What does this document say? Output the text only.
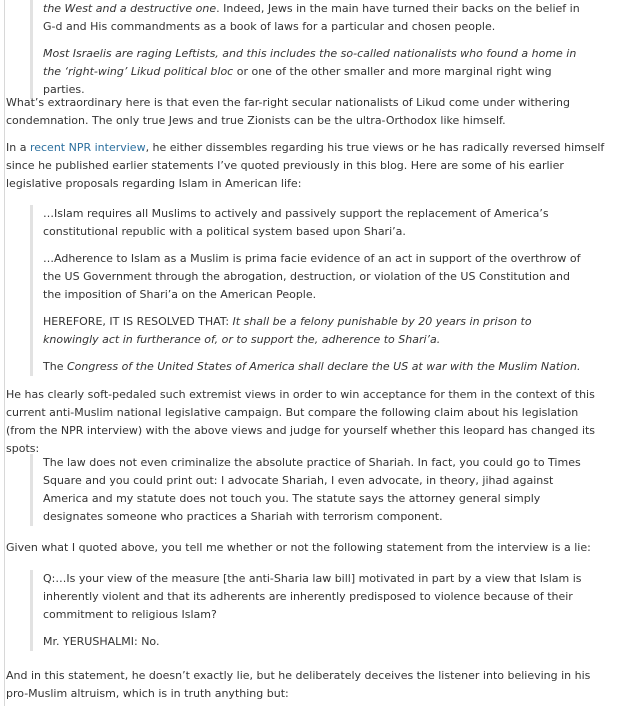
the West and a destructive one. Indeed, Jews in the main have turned their backs on the belief in G-d and His commandments as a book of laws for a particular and chosen people.

Most Israelis are raging Leftists, and this includes the so-called nationalists who found a home in the ‘right-wing’ Likud political bloc or one of the other smaller and more marginal right wing parties.

What’s extraordinary here is that even the far-right secular nationalists of Likud come under withering condemnation. The only true Jews and true Zionists can be the ultra-Orthodox like himself.

In a recent NPR interview, he either dissembles regarding his true views or he has radically reversed himself since he published earlier statements I’ve quoted previously in this blog. Here are some of his earlier legislative proposals regarding Islam in American life:

…Islam requires all Muslims to actively and passively support the replacement of America’s constitutional republic with a political system based upon Shari’a.

…Adherence to Islam as a Muslim is prima facie evidence of an act in support of the overthrow of the US Government through the abrogation, destruction, or violation of the US Constitution and the imposition of Shari’a on the American People.

HEREFORE, IT IS RESOLVED THAT: It shall be a felony punishable by 20 years in prison to knowingly act in furtherance of, or to support the, adherence to Shari’a.

The Congress of the United States of America shall declare the US at war with the Muslim Nation.

He has clearly soft-pedaled such extremist views in order to win acceptance for them in the context of this current anti-Muslim national legislative campaign. But compare the following claim about his legislation (from the NPR interview) with the above views and judge for yourself whether this leopard has changed its spots:

The law does not even criminalize the absolute practice of Shariah. In fact, you could go to Times Square and you could print out: I advocate Shariah, I even advocate, in theory, jihad against America and my statute does not touch you. The statute says the attorney general simply designates someone who practices a Shariah with terrorism component.

Given what I quoted above, you tell me whether or not the following statement from the interview is a lie:

Q:…Is your view of the measure [the anti-Sharia law bill] motivated in part by a view that Islam is inherently violent and that its adherents are inherently predisposed to violence because of their commitment to religious Islam?

Mr. YERUSHALMI: No.

And in this statement, he doesn’t exactly lie, but he deliberately deceives the listener into believing in his pro-Muslim altruism, which is in truth anything but:
